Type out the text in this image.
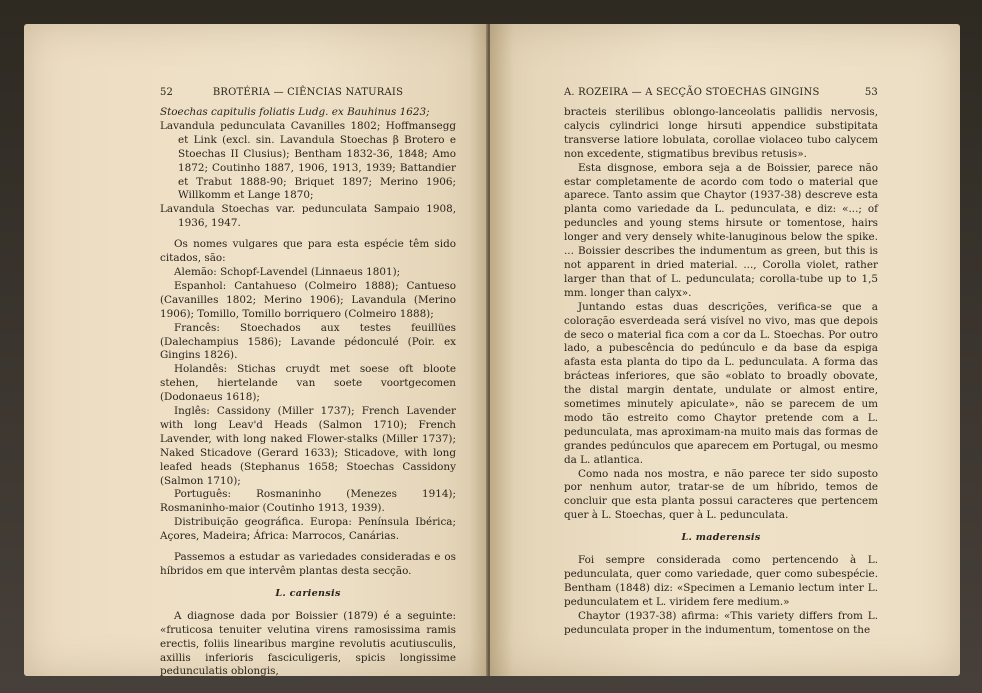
52	BROTÉRIA — CIÊNCIAS NATURAIS

Stoechas capitulis foliatis Ludg. ex Bauhinus 1623;

Lavandula pedunculata Cavanilles 1802; Hoffmansegg et Link (excl. sin. Lavandula Stoechas β Brotero e Stoechas II Clusius); Bentham 1832-36, 1848; Amo 1872; Coutinho 1887, 1906, 1913, 1939; Battandier et Trabut 1888-90; Briquet 1897; Merino 1906; Willkomm et Lange 1870;

Lavandula Stoechas var. pedunculata Sampaio 1908, 1936, 1947.

Os nomes vulgares que para esta espécie têm sido citados, são:

Alemão: Schopf-Lavendel (Linnaeus 1801);

Espanhol: Cantahueso (Colmeiro 1888); Cantueso (Cavanilles 1802; Merino 1906); Lavandula (Merino 1906); Tomillo, Tomillo borriquero (Colmeiro 1888);

Francês: Stoechados aux testes feuillües (Dalechampius 1586); Lavande pédonculé (Poir. ex Gingins 1826).

Holandês: Stichas cruydt met soese oft bloote stehen, hiertelande van soete voortgecomen (Dodonaeus 1618);

Inglês: Cassidony (Miller 1737); French Lavender with long Leav'd Heads (Salmon 1710); French Lavender, with long naked Flower-stalks (Miller 1737); Naked Sticadove (Gerard 1633); Sticadove, with long leafed heads (Stephanus 1658; Stoechas Cassidony (Salmon 1710);

Português: Rosmaninho (Menezes 1914); Rosmaninho-maior (Coutinho 1913, 1939).

Distribuição geográfica. Europa: Península Ibérica; Açores, Madeira; África: Marrocos, Canárias.

Passemos a estudar as variedades consideradas e os híbridos em que intervêm plantas desta secção.

L. cariensis

A diagnose dada por Boissier (1879) é a seguinte: «fruticosa tenuiter velutina virens ramosissima ramis erectis, foliis linearibus margine revolutis acutiusculis, axillis inferioris fasciculigeris, spicis longissime pedunculatis oblongis,

A. ROZEIRA — A SECÇÃO STOECHAS GINGINS	53

bracteis sterilibus oblongo-lanceolatis pallidis nervosis, calycis cylindrici longe hirsuti appendice substipitata transverse latiore lobulata, corollae violaceo tubo calycem non excedente, stigmatibus brevibus retusis».

Esta disgnose, embora seja a de Boissier, parece não estar completamente de acordo com todo o material que aparece. Tanto assim que Chaytor (1937-38) descreve esta planta como variedade da L. pedunculata, e diz: «...; of peduncles and young stems hirsute or tomentose, hairs longer and very densely white-lanuginous below the spike. ... Boissier describes the indumentum as green, but this is not apparent in dried material. ..., Corolla violet, rather larger than that of L. pedunculata; corolla-tube up to 1,5 mm. longer than calyx».

Juntando estas duas descrições, verifica-se que a coloração esverdeada será visível no vivo, mas que depois de seco o material fica com a cor da L. Stoechas. Por outro lado, a pubescência do pedúnculo e da base da espiga afasta esta planta do tipo da L. pedunculata. A forma das brácteas inferiores, que são «oblato to broadly obovate, the distal margin dentate, undulate or almost entire, sometimes minutely apiculate», não se parecem de um modo tão estreito como Chaytor pretende com a L. pedunculata, mas aproximam-na muito mais das formas de grandes pedúnculos que aparecem em Portugal, ou mesmo da L. atlantica.

Como nada nos mostra, e não parece ter sido suposto por nenhum autor, tratar-se de um híbrido, temos de concluir que esta planta possui caracteres que pertencem quer à L. Stoechas, quer à L. pedunculata.

L. maderensis

Foi sempre considerada como pertencendo à L. pedunculata, quer como variedade, quer como subespécie. Bentham (1848) diz: «Specimen a Lemanio lectum inter L. pedunculatem et L. viridem fere medium.»

Chaytor (1937-38) afirma: «This variety differs from L. pedunculata proper in the indumentum, tomentose on the
